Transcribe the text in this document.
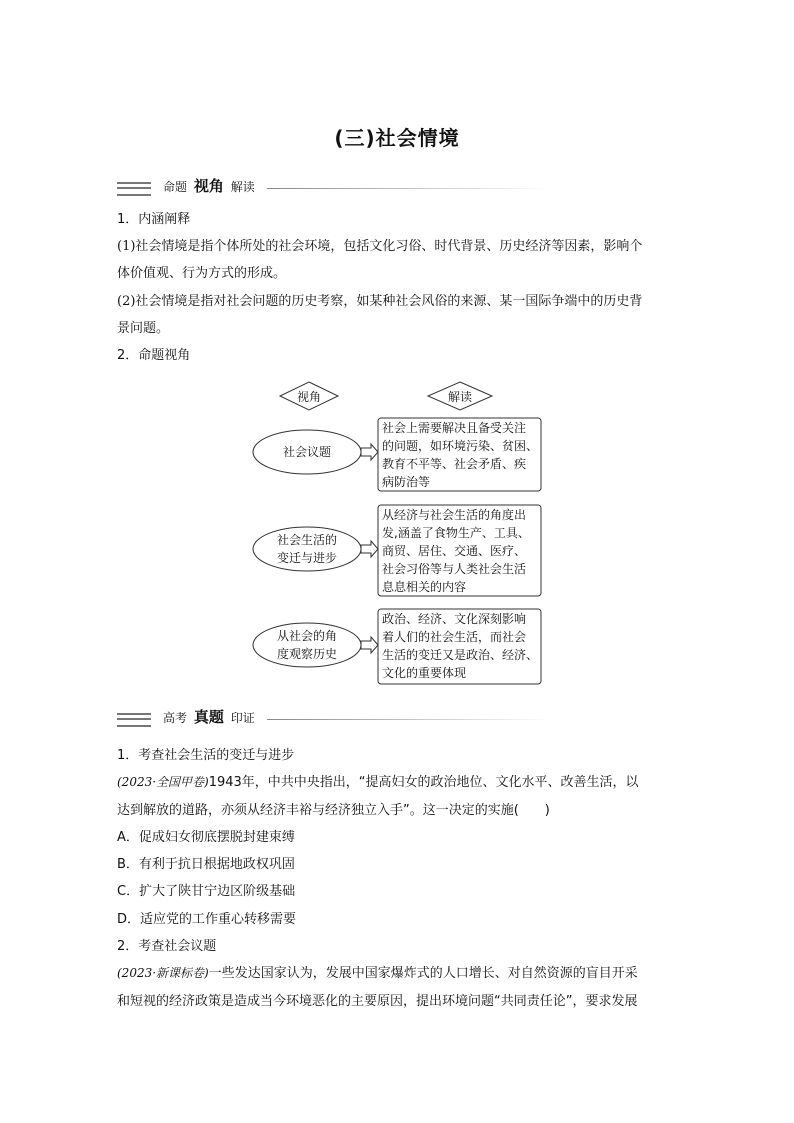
(三)社会情境
命题 视角 解读
1．内涵阐释
(1)社会情境是指个体所处的社会环境，包括文化习俗、时代背景、历史经济等因素，影响个
体价值观、行为方式的形成。
(2)社会情境是指对社会问题的历史考察，如某种社会风俗的来源、某一国际争端中的历史背
景问题。
2．命题视角
视角	解读
社会议题
社会生活的
变迁与进步
从社会的角
度观察历史
社会上需要解决且备受关注
的问题，如环境污染、贫困、
教育不平等、社会矛盾、疾
病防治等
从经济与社会生活的角度出
发,涵盖了食物生产、工具、
商贸、居住、交通、医疗、
社会习俗等与人类社会生活
息息相关的内容
政治、经济、文化深刻影响
着人们的社会生活，而社会
生活的变迁又是政治、经济、
文化的重要体现
高考 真题 印证
1．考查社会生活的变迁与进步
(2023·全国甲卷)1943年，中共中央指出，“提高妇女的政治地位、文化水平、改善生活，以
达到解放的道路，亦须从经济丰裕与经济独立入手”。这一决定的实施(　　)
A．促成妇女彻底摆脱封建束缚
B．有利于抗日根据地政权巩固
C．扩大了陕甘宁边区阶级基础
D．适应党的工作重心转移需要
2．考查社会议题
(2023·新课标卷)一些发达国家认为，发展中国家爆炸式的人口增长、对自然资源的盲目开采
和短视的经济政策是造成当今环境恶化的主要原因，提出环境问题“共同责任论”，要求发展
